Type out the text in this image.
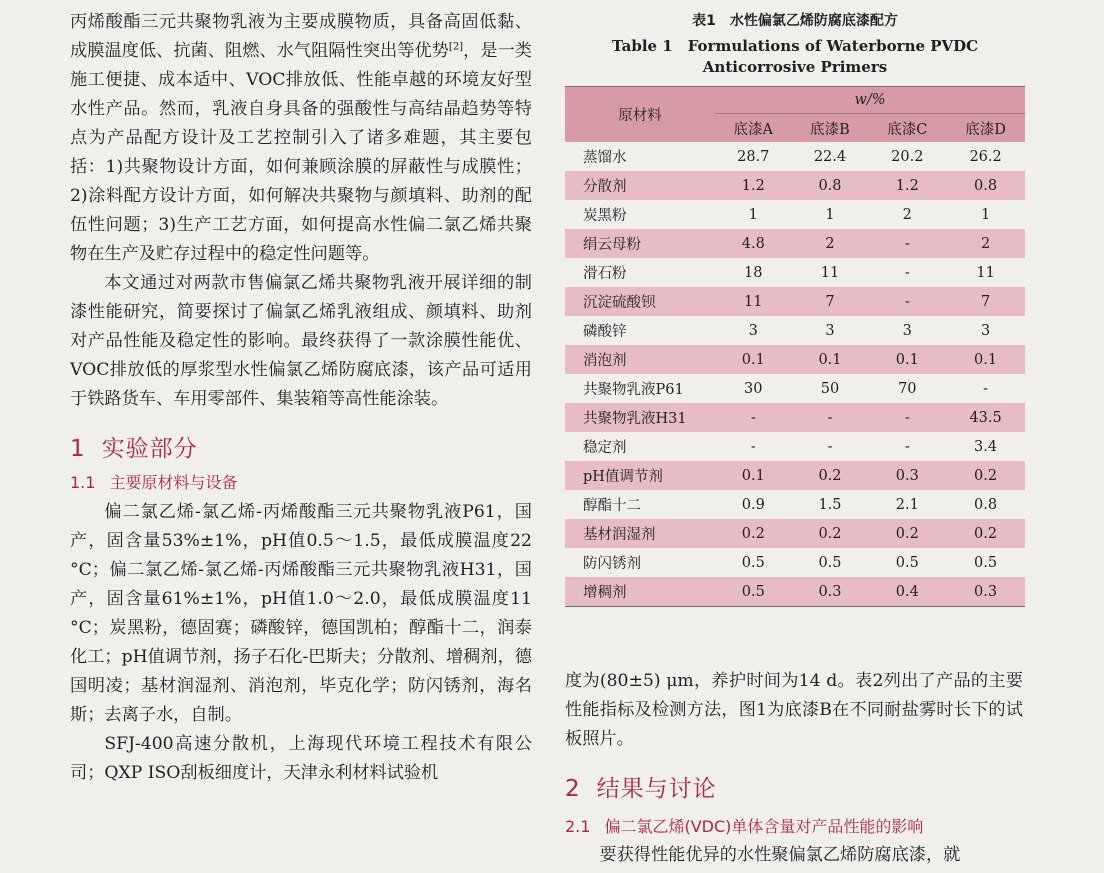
丙烯酸酯三元共聚物乳液为主要成膜物质，具备高固低黏、成膜温度低、抗菌、阻燃、水气阻隔性突出等优势[2]，是一类施工便捷、成本适中、VOC排放低、性能卓越的环境友好型水性产品。然而，乳液自身具备的强酸性与高结晶趋势等特点为产品配方设计及工艺控制引入了诸多难题，其主要包括：1)共聚物设计方面，如何兼顾涂膜的屏蔽性与成膜性；2)涂料配方设计方面，如何解决共聚物与颜填料、助剂的配伍性问题；3)生产工艺方面，如何提高水性偏二氯乙烯共聚物在生产及贮存过程中的稳定性问题等。

本文通过对两款市售偏氯乙烯共聚物乳液开展详细的制漆性能研究，简要探讨了偏氯乙烯乳液组成、颜填料、助剂对产品性能及稳定性的影响。最终获得了一款涂膜性能优、VOC排放低的厚浆型水性偏氯乙烯防腐底漆，该产品可适用于铁路货车、车用零部件、集装箱等高性能涂装。

1 实验部分
1.1 主要原材料与设备

偏二氯乙烯-氯乙烯-丙烯酸酯三元共聚物乳液P61，国产，固含量53%±1%，pH值0.5～1.5，最低成膜温度22 °C；偏二氯乙烯-氯乙烯-丙烯酸酯三元共聚物乳液H31，国产，固含量61%±1%，pH值1.0～2.0，最低成膜温度11 °C；炭黑粉，德固赛；磷酸锌，德国凯柏；醇酯十二，润泰化工；pH值调节剂，扬子石化-巴斯夫；分散剂、增稠剂，德国明凌；基材润湿剂、消泡剂，毕克化学；防闪锈剂，海名斯；去离子水，自制。

SFJ-400高速分散机，上海现代环境工程技术有限公司；QXP ISO刮板细度计，天津永利材料试验机

表1　水性偏氯乙烯防腐底漆配方
Table 1　Formulations of Waterborne PVDC Anticorrosive Primers
原材料	w/%			
	底漆A	底漆B	底漆C	底漆D
蒸馏水	28.7	22.4	20.2	26.2
分散剂	1.2	0.8	1.2	0.8
炭黑粉	1	1	2	1
绢云母粉	4.8	2	-	2
滑石粉	18	11	-	11
沉淀硫酸钡	11	7	-	7
磷酸锌	3	3	3	3
消泡剂	0.1	0.1	0.1	0.1
共聚物乳液P61	30	50	70	-
共聚物乳液H31	-	-	-	43.5
稳定剂	-	-	-	3.4
pH值调节剂	0.1	0.2	0.3	0.2
醇酯十二	0.9	1.5	2.1	0.8
基材润湿剂	0.2	0.2	0.2	0.2
防闪锈剂	0.5	0.5	0.5	0.5
增稠剂	0.5	0.3	0.4	0.3
度为(80±5) μm，养护时间为14 d。表2列出了产品的主要性能指标及检测方法，图1为底漆B在不同耐盐雾时长下的试板照片。
2 结果与讨论
2.1 偏二氯乙烯(VDC)单体含量对产品性能的影响
要获得性能优异的水性聚偏氯乙烯防腐底漆，就
